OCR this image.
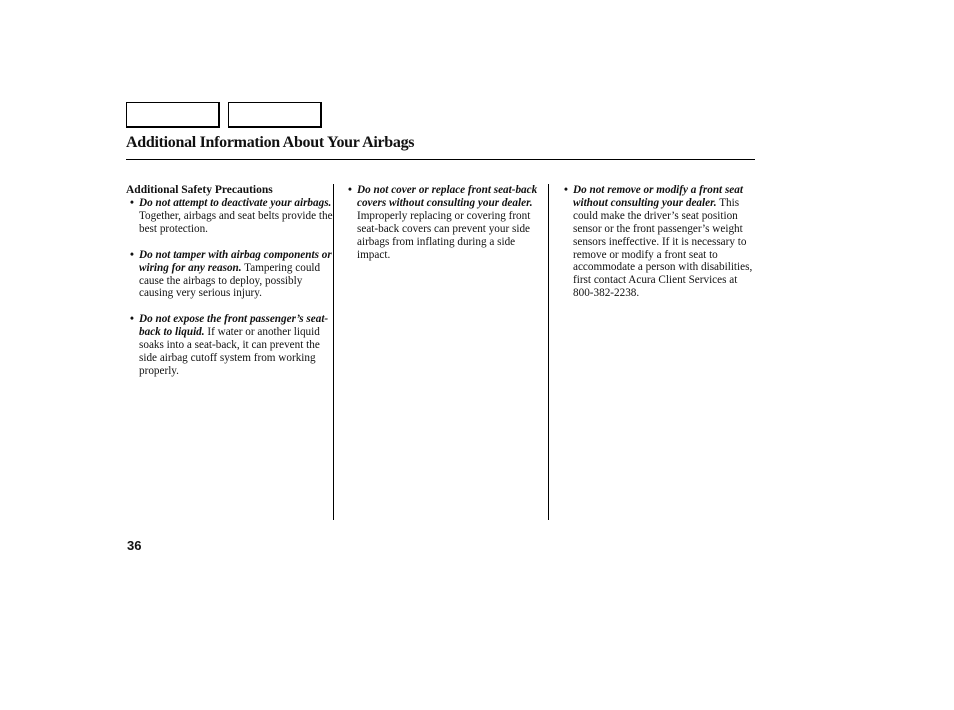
Additional Information About Your Airbags

Additional Safety Precautions

• Do not attempt to deactivate your airbags. Together, airbags and seat belts provide the best protection.

• Do not tamper with airbag components or wiring for any reason. Tampering could cause the airbags to deploy, possibly causing very serious injury.

• Do not expose the front passenger’s seat-back to liquid. If water or another liquid soaks into a seat-back, it can prevent the side airbag cutoff system from working properly.

• Do not cover or replace front seat-back covers without consulting your dealer. Improperly replacing or covering front seat-back covers can prevent your side airbags from inflating during a side impact.

• Do not remove or modify a front seat without consulting your dealer. This could make the driver’s seat position sensor or the front passenger’s weight sensors ineffective. If it is necessary to remove or modify a front seat to accommodate a person with disabilities, first contact Acura Client Services at 800-382-2238.

36
